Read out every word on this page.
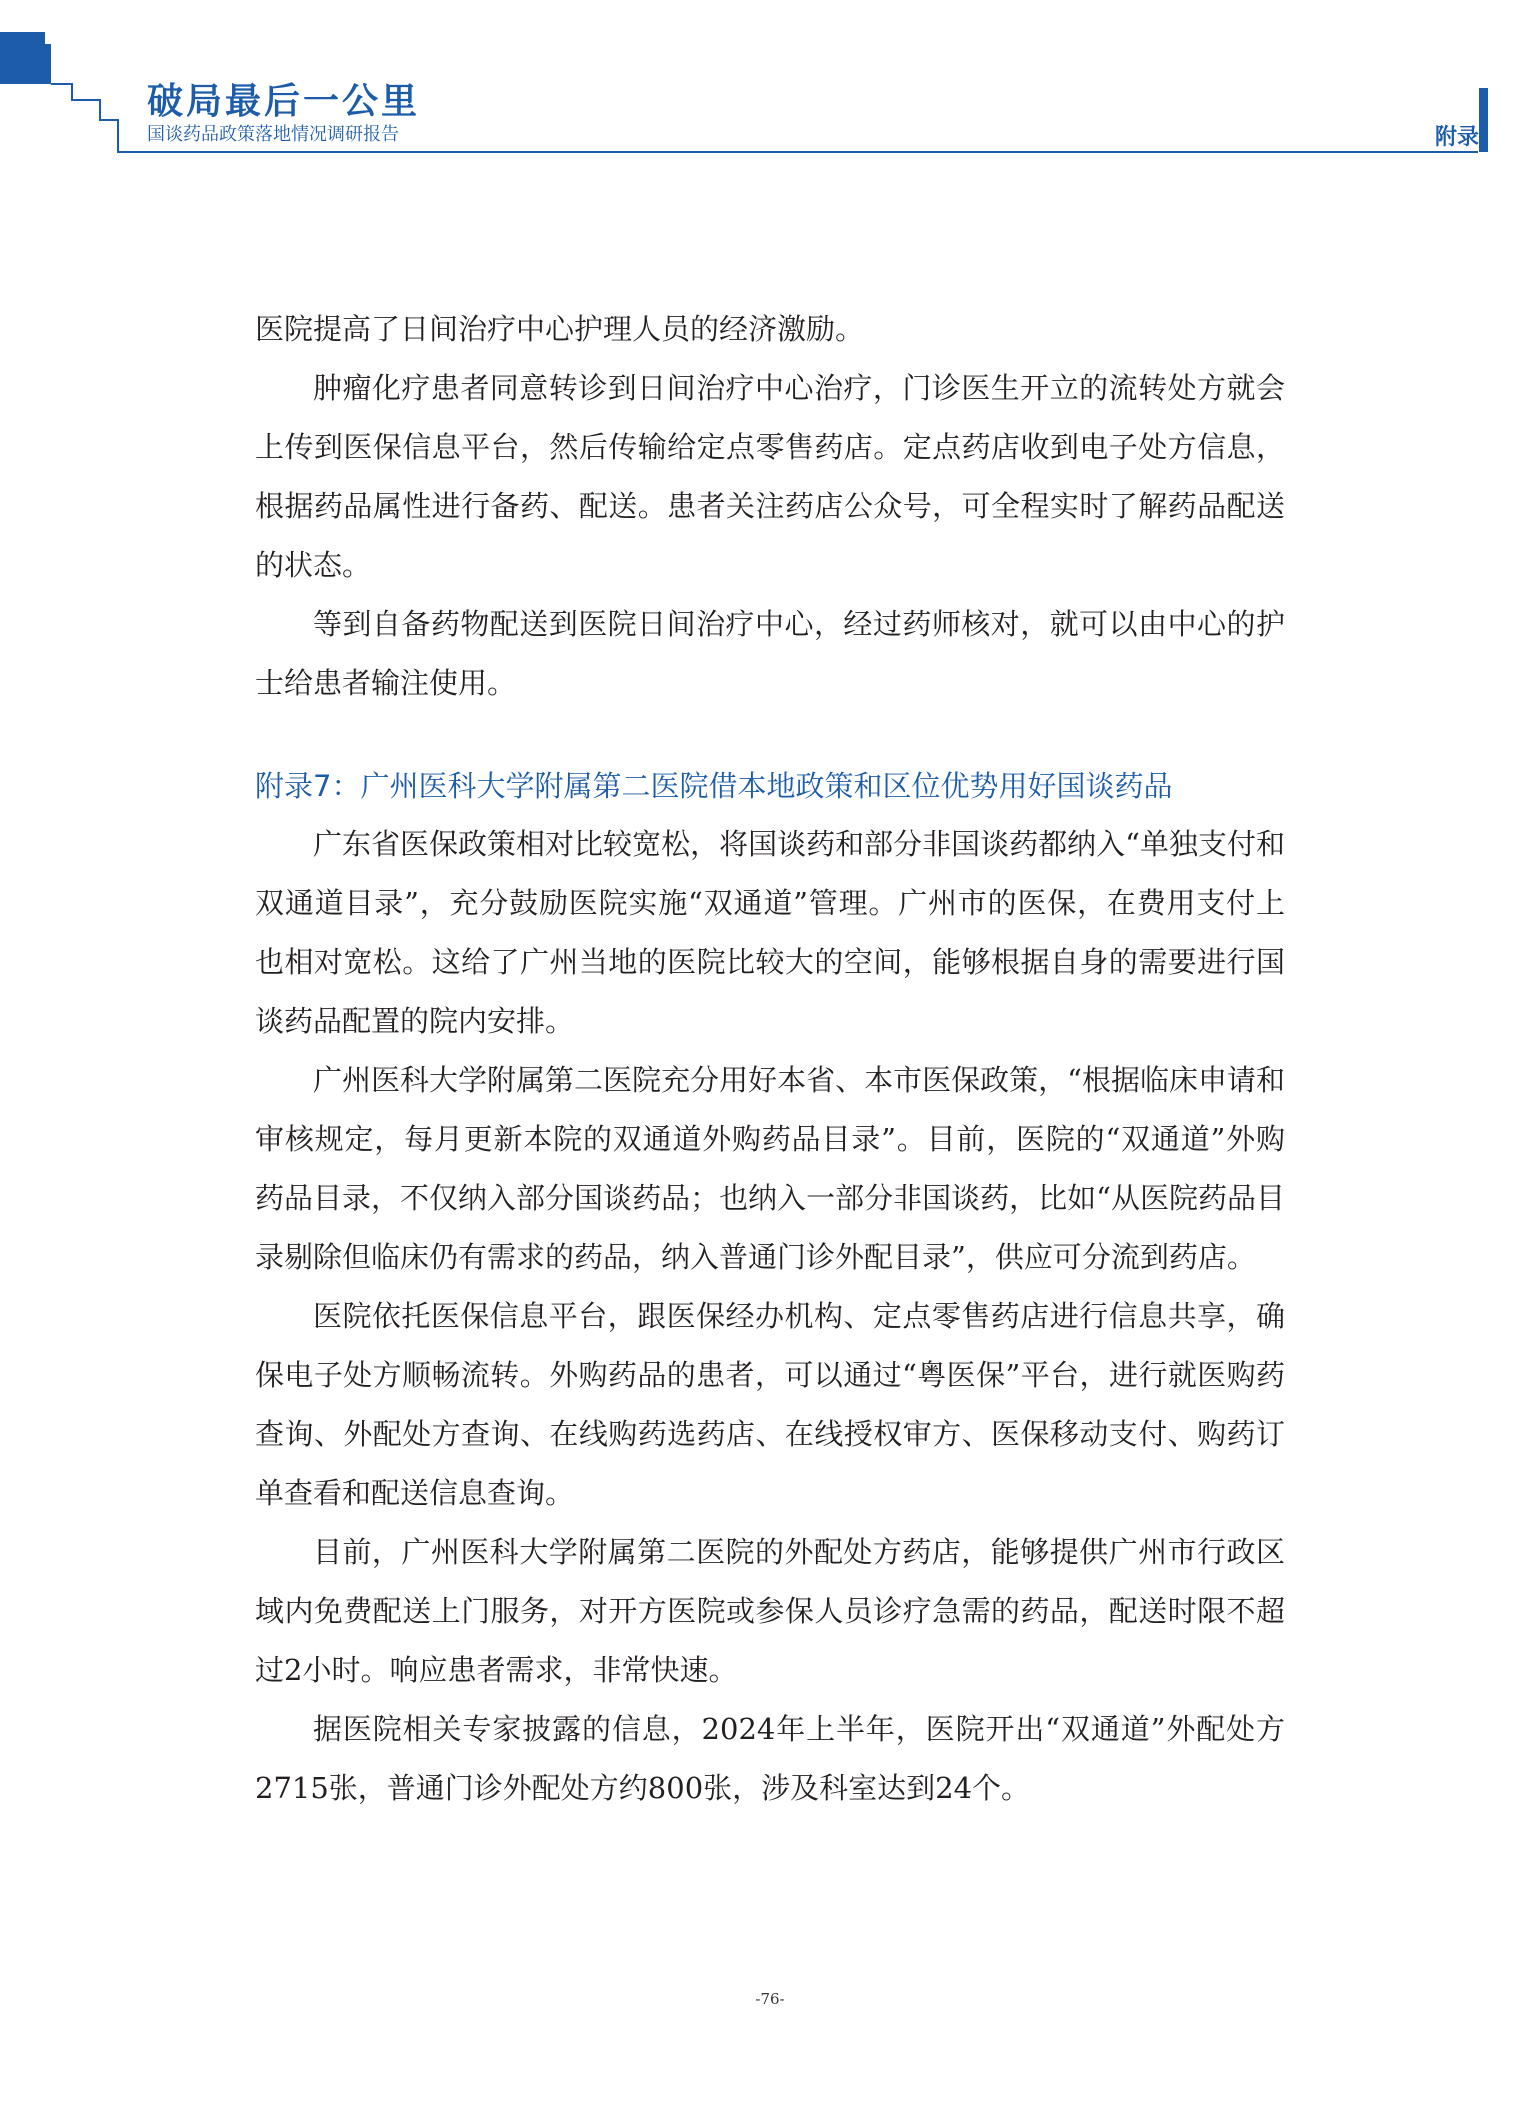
破局最后一公里
国谈药品政策落地情况调研报告	附录

医院提高了日间治疗中心护理人员的经济激励。

肿瘤化疗患者同意转诊到日间治疗中心治疗，门诊医生开立的流转处方就会上传到医保信息平台，然后传输给定点零售药店。定点药店收到电子处方信息，根据药品属性进行备药、配送。患者关注药店公众号，可全程实时了解药品配送的状态。

等到自备药物配送到医院日间治疗中心，经过药师核对，就可以由中心的护士给患者输注使用。

附录7：广州医科大学附属第二医院借本地政策和区位优势用好国谈药品

广东省医保政策相对比较宽松，将国谈药和部分非国谈药都纳入“单独支付和双通道目录”，充分鼓励医院实施“双通道”管理。广州市的医保，在费用支付上也相对宽松。这给了广州当地的医院比较大的空间，能够根据自身的需要进行国谈药品配置的院内安排。

广州医科大学附属第二医院充分用好本省、本市医保政策，“根据临床申请和审核规定，每月更新本院的双通道外购药品目录”。目前，医院的“双通道”外购药品目录，不仅纳入部分国谈药品；也纳入一部分非国谈药，比如“从医院药品目录剔除但临床仍有需求的药品，纳入普通门诊外配目录”，供应可分流到药店。

医院依托医保信息平台，跟医保经办机构、定点零售药店进行信息共享，确保电子处方顺畅流转。外购药品的患者，可以通过“粤医保”平台，进行就医购药查询、外配处方查询、在线购药选药店、在线授权审方、医保移动支付、购药订单查看和配送信息查询。

目前，广州医科大学附属第二医院的外配处方药店，能够提供广州市行政区域内免费配送上门服务，对开方医院或参保人员诊疗急需的药品，配送时限不超过2小时。响应患者需求，非常快速。

据医院相关专家披露的信息，2024年上半年，医院开出“双通道”外配处方2715张，普通门诊外配处方约800张，涉及科室达到24个。

-76-
